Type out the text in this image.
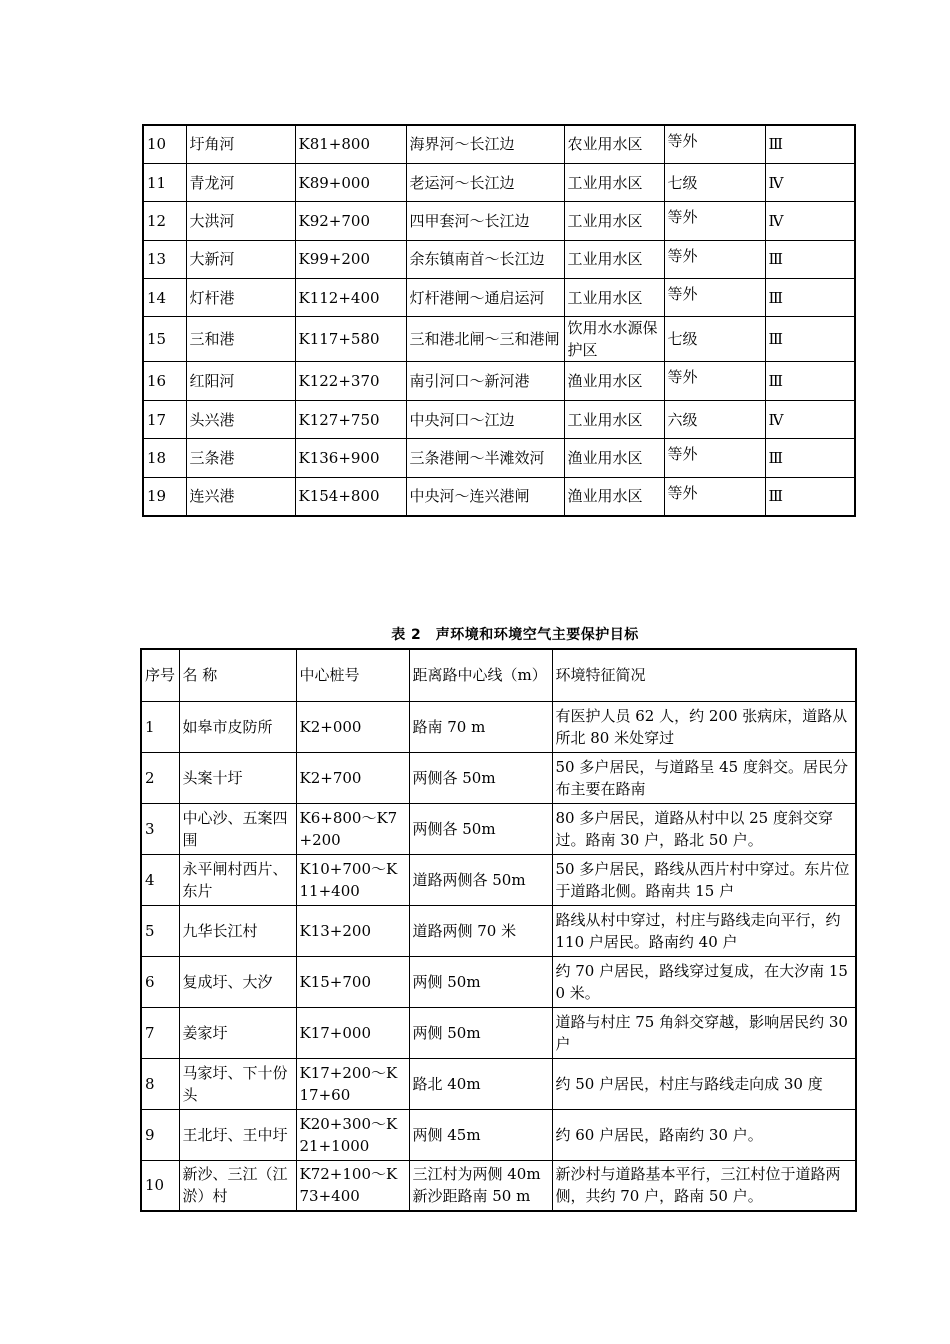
10	圩角河	K81+800	海界河～长江边	农业用水区	等外	Ⅲ
11	青龙河	K89+000	老运河～长江边	工业用水区	七级	Ⅳ
12	大洪河	K92+700	四甲套河～长江边	工业用水区	等外	Ⅳ
13	大新河	K99+200	余东镇南首～长江边	工业用水区	等外	Ⅲ
14	灯杆港	K112+400	灯杆港闸～通启运河	工业用水区	等外	Ⅲ
15	三和港	K117+580	三和港北闸～三和港闸	饮用水水源保护区	七级	Ⅲ
16	红阳河	K122+370	南引河口～新河港	渔业用水区	等外	Ⅲ
17	头兴港	K127+750	中央河口～江边	工业用水区	六级	Ⅳ
18	三条港	K136+900	三条港闸～半滩效河	渔业用水区	等外	Ⅲ
19	连兴港	K154+800	中央河～连兴港闸	渔业用水区	等外	Ⅲ
表 2　声环境和环境空气主要保护目标
序号	名 称	中心桩号	距离路中心线（m）	环境特征简况
1	如皋市皮防所	K2+000	路南 70 m	有医护人员 62 人，约 200 张病床，道路从所北 80 米处穿过
2	头案十圩	K2+700	两侧各 50m	50 多户居民，与道路呈 45 度斜交。居民分布主要在路南
3	中心沙、五案四围	K6+800～K7+200	两侧各 50m	80 多户居民，道路从村中以 25 度斜交穿过。路南 30 户，路北 50 户。
4	永平闸村西片、东片	K10+700～K11+400	道路两侧各 50m	50 多户居民，路线从西片村中穿过。东片位于道路北侧。路南共 15 户
5	九华长江村	K13+200	道路两侧 70 米	路线从村中穿过，村庄与路线走向平行，约 110 户居民。路南约 40 户
6	复成圩、大汐	K15+700	两侧 50m	约 70 户居民，路线穿过复成，在大汐南 150 米。
7	姜家圩	K17+000	两侧 50m	道路与村庄 75 角斜交穿越，影响居民约 30 户
8	马家圩、下十份头	K17+200～K17+60	路北 40m	约 50 户居民，村庄与路线走向成 30 度
9	王北圩、王中圩	K20+300～K21+1000	两侧 45m	约 60 户居民，路南约 30 户。
10	新沙、三江（江淤）村	K72+100～K73+400	三江村为两侧 40m 新沙距路南 50 m	新沙村与道路基本平行，三江村位于道路两侧，共约 70 户，路南 50 户。
